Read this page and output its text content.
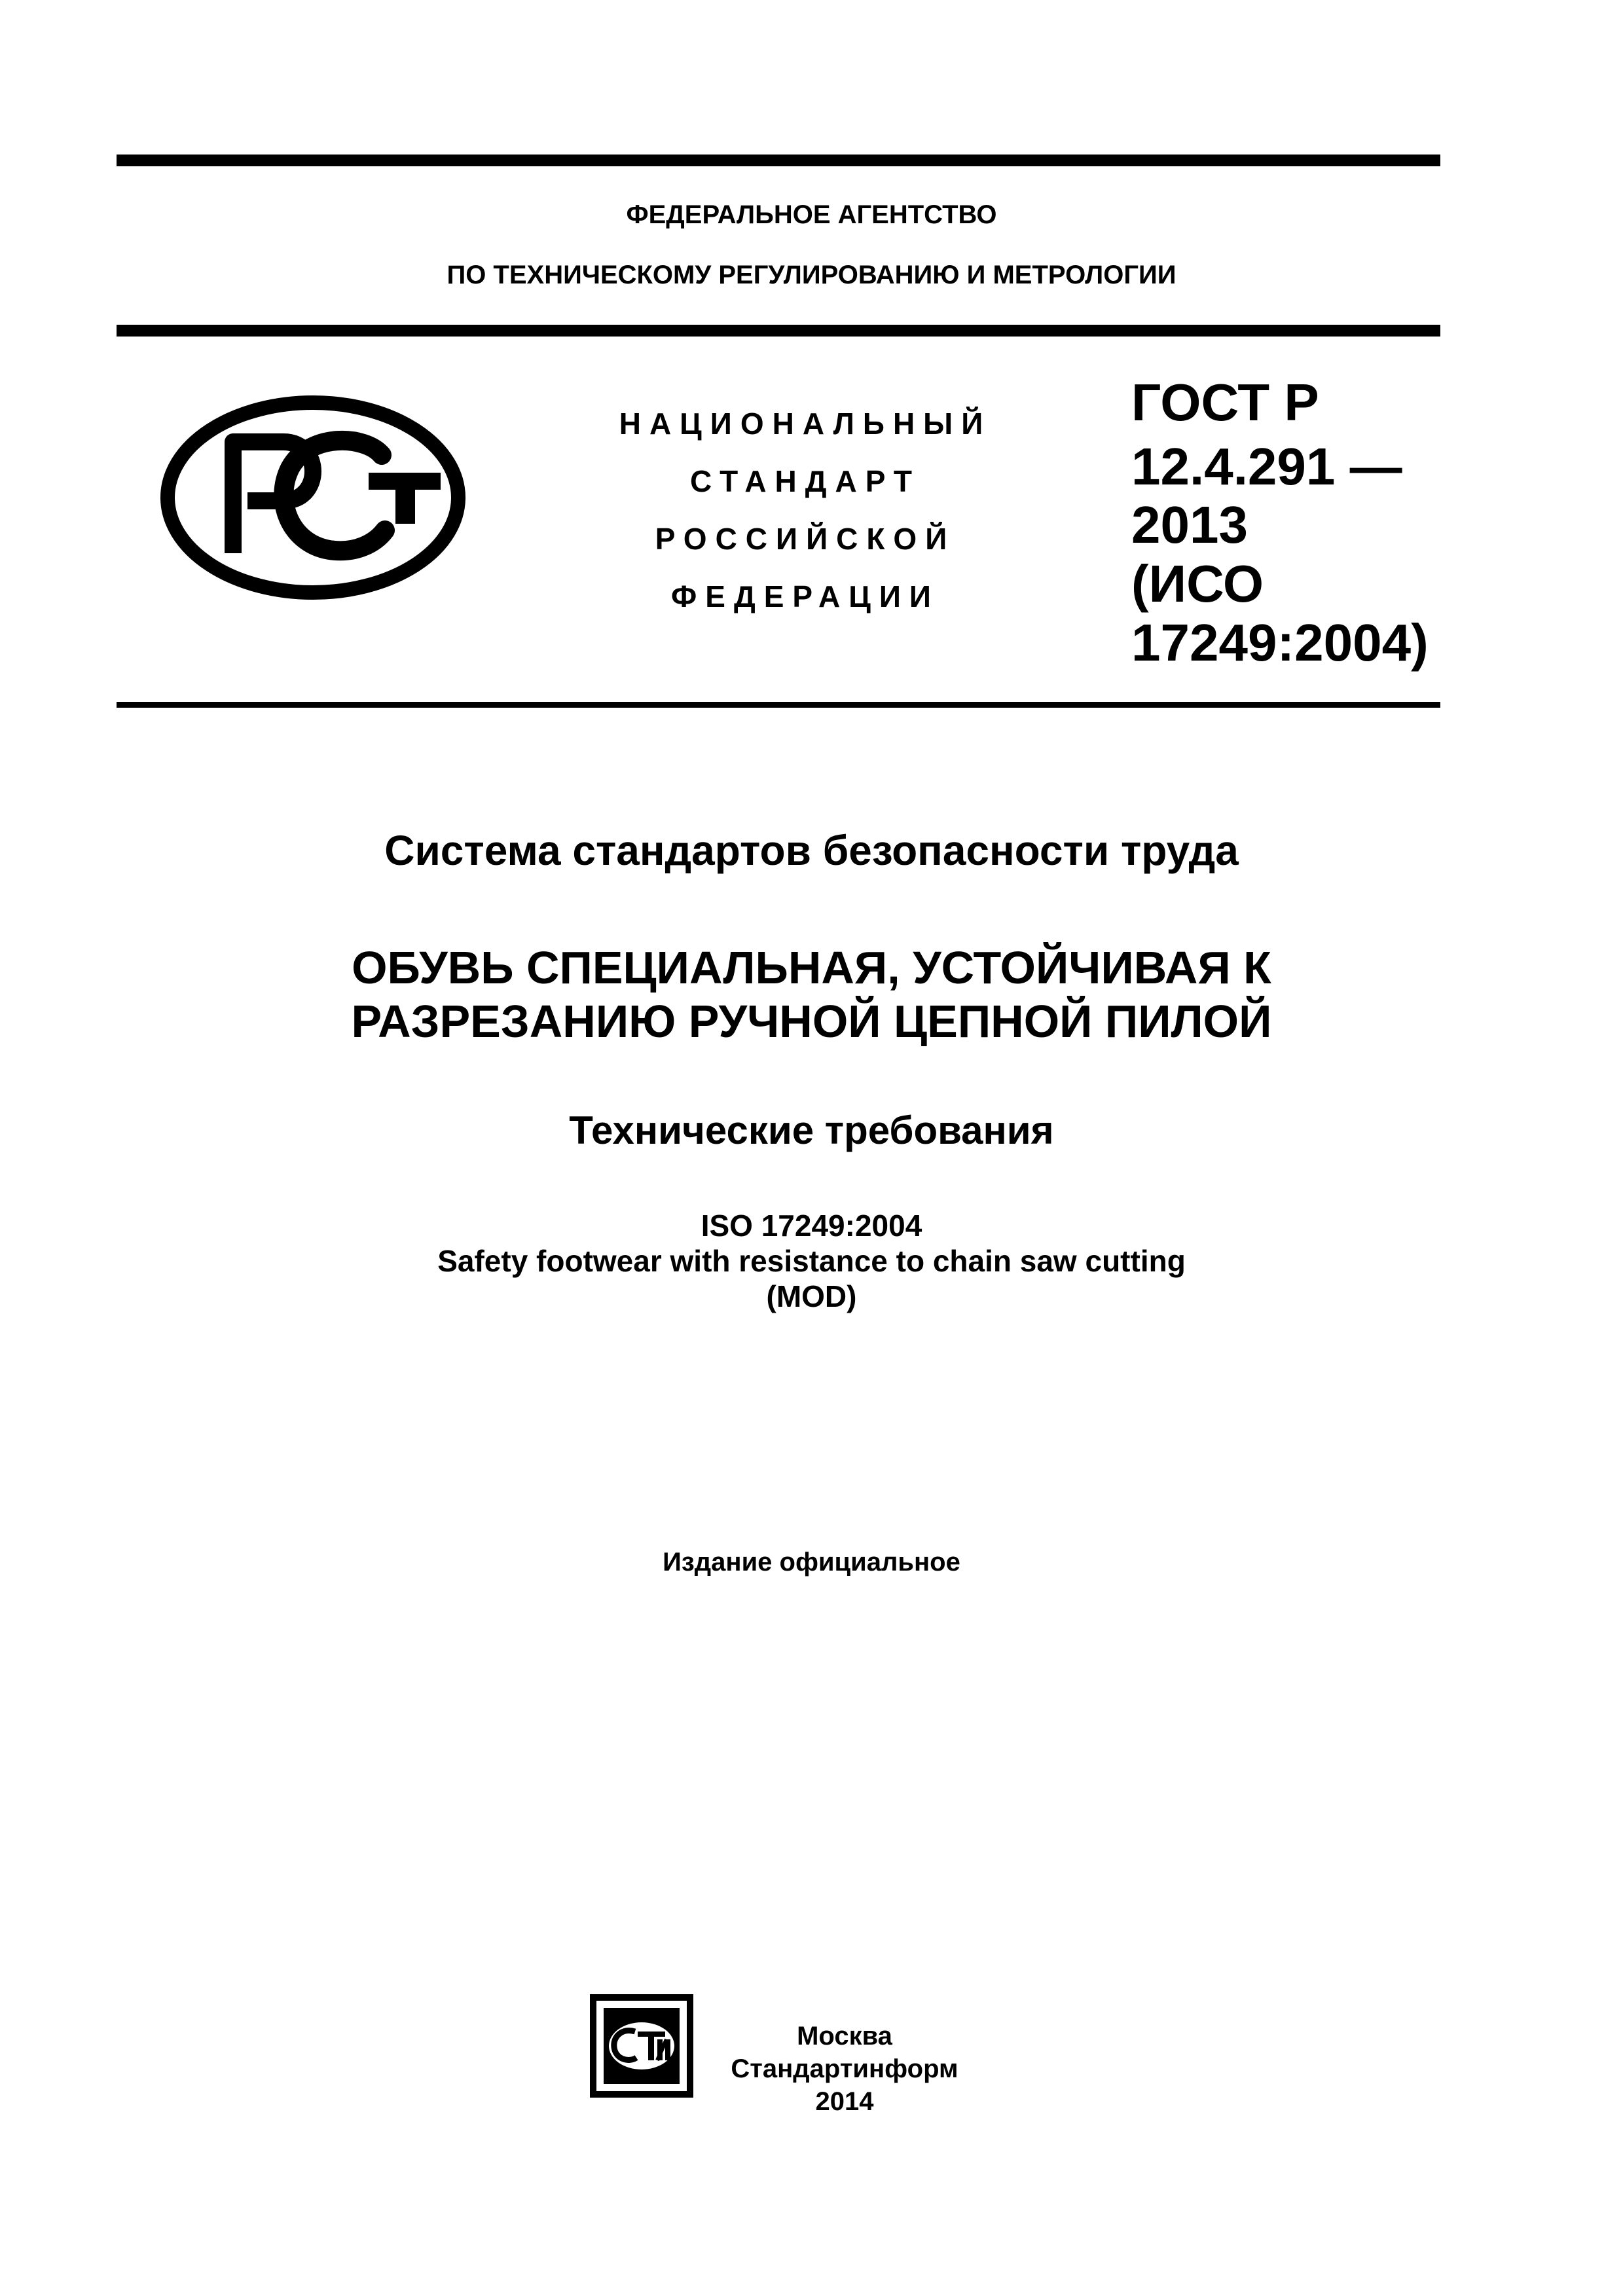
ФЕДЕРАЛЬНОЕ АГЕНТСТВО
ПО ТЕХНИЧЕСКОМУ РЕГУЛИРОВАНИЮ И МЕТРОЛОГИИ
НАЦИОНАЛЬНЫЙ
СТАНДАРТ
РОССИЙСКОЙ
ФЕДЕРАЦИИ
ГОСТ Р
12.4.291 —
2013
(ИСО
17249:2004)
Система стандартов безопасности труда
ОБУВЬ СПЕЦИАЛЬНАЯ, УСТОЙЧИВАЯ К
РАЗРЕЗАНИЮ РУЧНОЙ ЦЕПНОЙ ПИЛОЙ
Технические требования
ISO 17249:2004
Safety footwear with resistance to chain saw cutting
(MOD)
Издание официальное
Москва
Стандартинформ
2014
